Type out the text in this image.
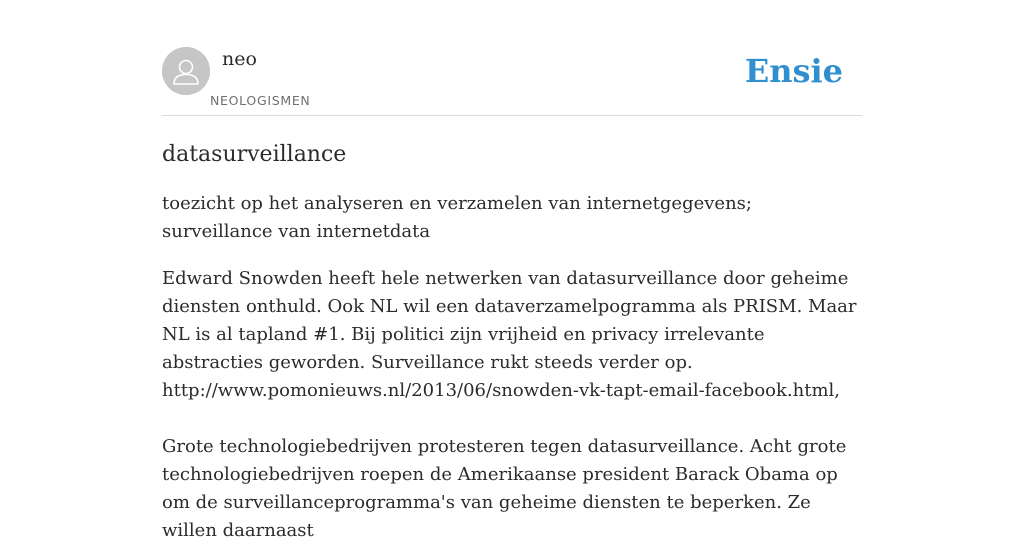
neo
NEOLOGISMEN
Ensie
datasurveillance

toezicht op het analyseren en verzamelen van internetgegevens; surveillance van internetdata

Edward Snowden heeft hele netwerken van datasurveillance door geheime diensten onthuld. Ook NL wil een dataverzamelpogramma als PRISM. Maar NL is al tapland #1. Bij politici zijn vrijheid en privacy irrelevante abstracties geworden. Surveillance rukt steeds verder op.
http://www.pomonieuws.nl/2013/06/snowden-vk-tapt-email-facebook.html,

Grote technologiebedrijven protesteren tegen datasurveillance. Acht grote technologiebedrijven roepen de Amerikaanse president Barack Obama op om de surveillanceprogramma's van geheime diensten te beperken. Ze willen daarnaast
